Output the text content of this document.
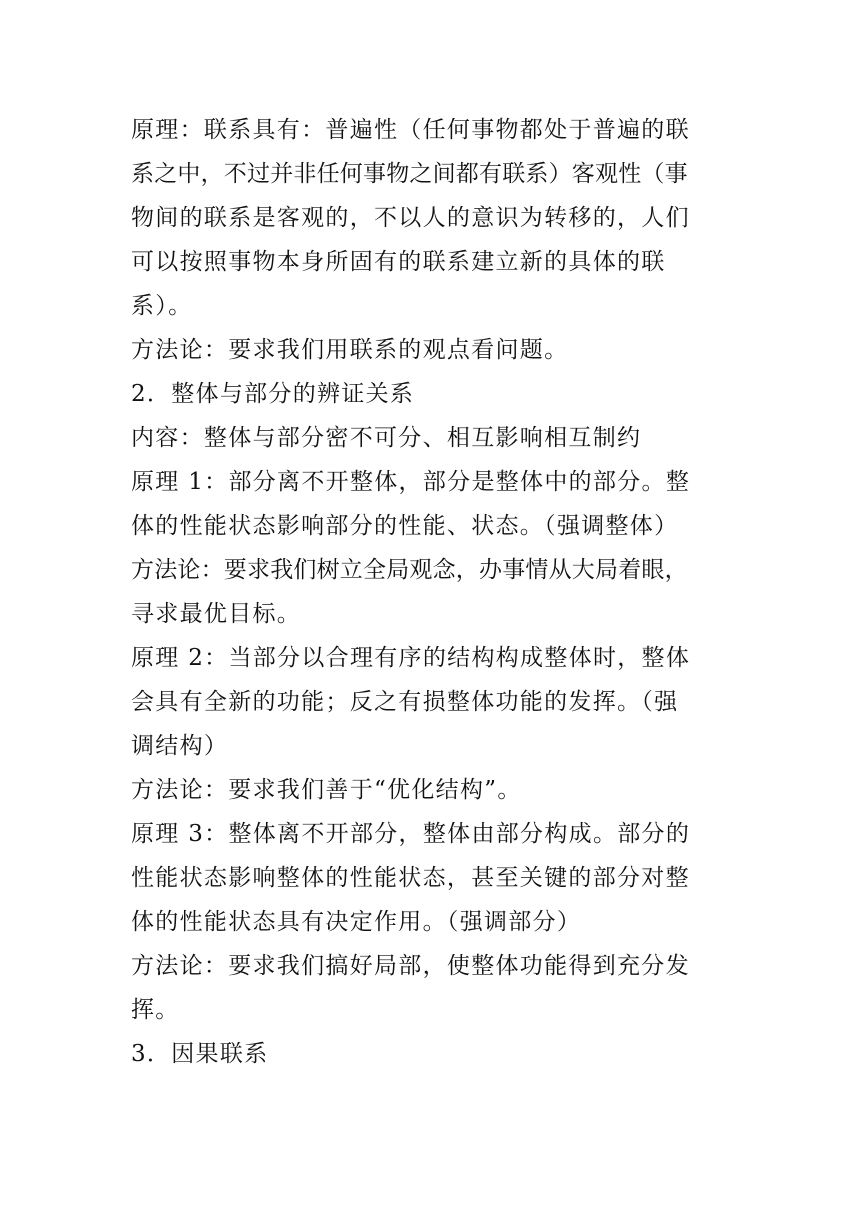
原理：联系具有：普遍性（任何事物都处于普遍的联
系之中，不过并非任何事物之间都有联系）客观性（事
物间的联系是客观的，不以人的意识为转移的，人们
可以按照事物本身所固有的联系建立新的具体的联
系）。
方法论：要求我们用联系的观点看问题。
2．整体与部分的辨证关系
内容：整体与部分密不可分、相互影响相互制约
原理 1：部分离不开整体，部分是整体中的部分。整
体的性能状态影响部分的性能、状态。（强调整体）
方法论：要求我们树立全局观念，办事情从大局着眼，
寻求最优目标。
原理 2：当部分以合理有序的结构构成整体时，整体
会具有全新的功能；反之有损整体功能的发挥。（强
调结构）
方法论：要求我们善于“优化结构”。
原理 3：整体离不开部分，整体由部分构成。部分的
性能状态影响整体的性能状态，甚至关键的部分对整
体的性能状态具有决定作用。（强调部分）
方法论：要求我们搞好局部，使整体功能得到充分发
挥。
3．因果联系
